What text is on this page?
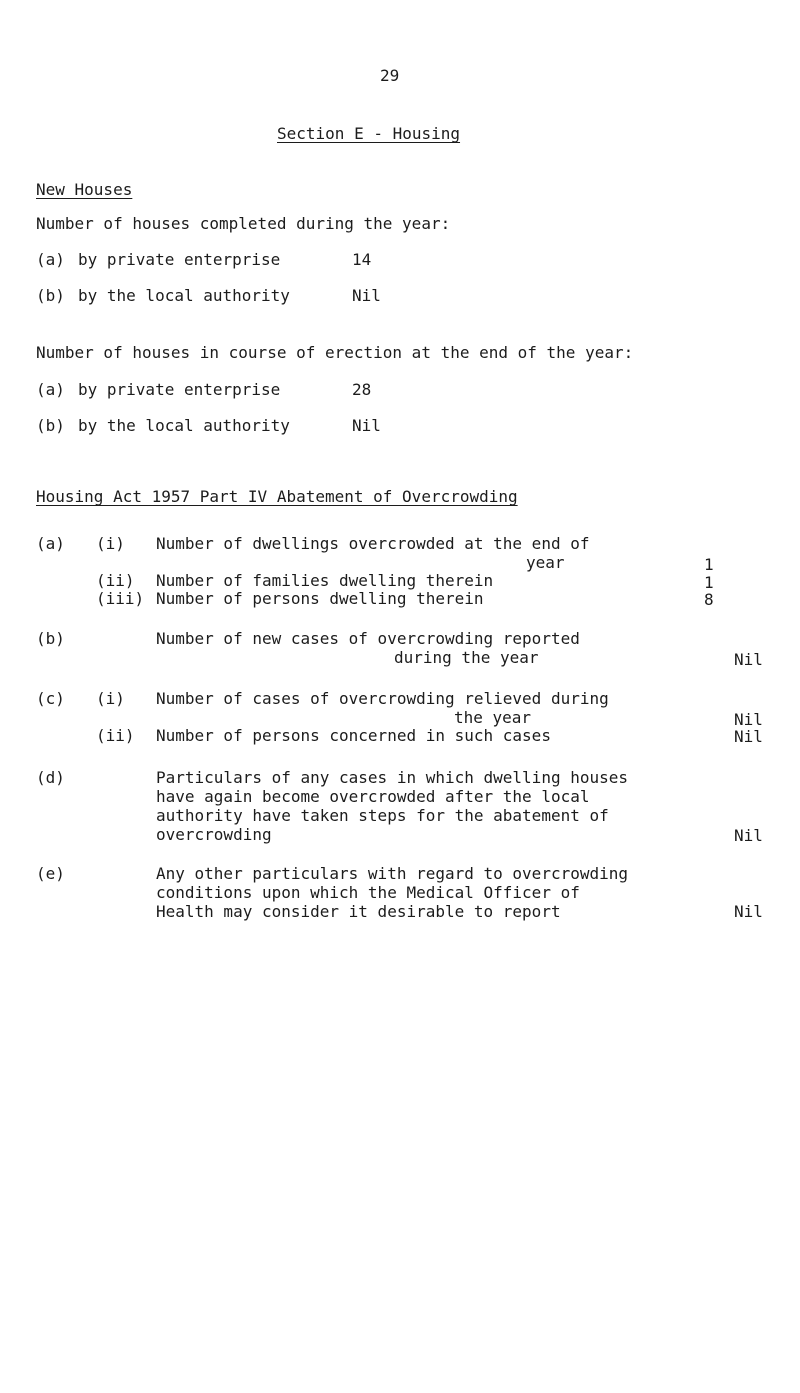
29
Section E - Housing
New Houses
Number of houses completed during the year:
(a) by private enterprise	14
(b) by the local authority	Nil
Number of houses in course of erection at the end of the year:
(a) by private enterprise	28
(b) by the local authority	Nil
Housing Act 1957 Part IV Abatement of Overcrowding
(a) (i) Number of dwellings overcrowded at the end of
year	1
(ii) Number of families dwelling therein	1
(iii) Number of persons dwelling therein	8
(b)	Number of new cases of overcrowding reported
during the year	Nil
(c) (i) Number of cases of overcrowding relieved during
the year	Nil
(ii) Number of persons concerned in such cases	Nil
(d)	Particulars of any cases in which dwelling houses
have again become overcrowded after the local
authority have taken steps for the abatement of
overcrowding	Nil
(e)	Any other particulars with regard to overcrowding
conditions upon which the Medical Officer of
Health may consider it desirable to report	Nil
